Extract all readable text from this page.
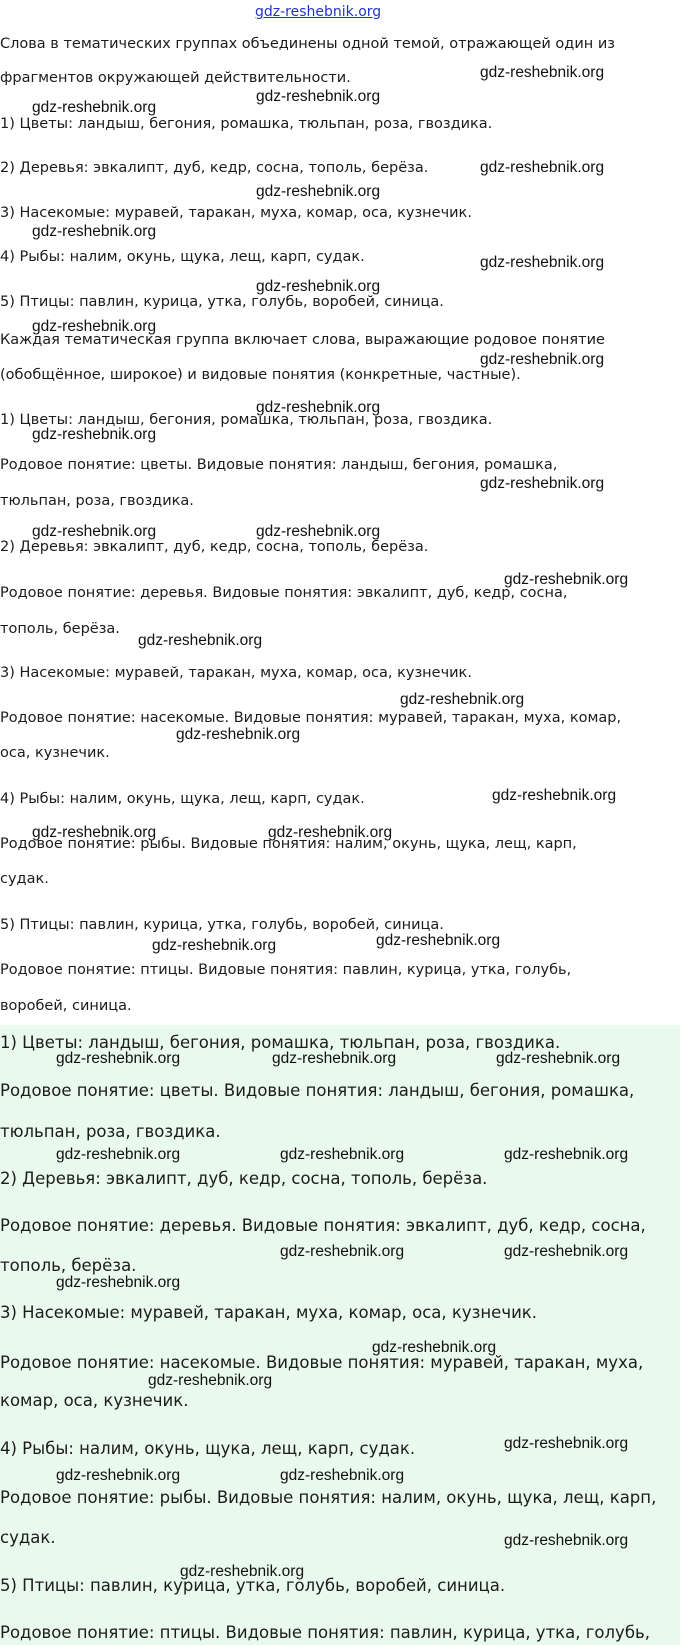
gdz-reshebnik.org

Слова в тематических группах объединены одной темой, отражающей один из

фрагментов окружающей действительности.

1) Цветы: ландыш, бегония, ромашка, тюльпан, роза, гвоздика.

2) Деревья: эвкалипт, дуб, кедр, сосна, тополь, берёза.

3) Насекомые: муравей, таракан, муха, комар, оса, кузнечик.

4) Рыбы: налим, окунь, щука, лещ, карп, судак.

5) Птицы: павлин, курица, утка, голубь, воробей, синица.

Каждая тематическая группа включает слова, выражающие родовое понятие

(обобщённое, широкое) и видовые понятия (конкретные, частные).

1) Цветы: ландыш, бегония, ромашка, тюльпан, роза, гвоздика.

Родовое понятие: цветы. Видовые понятия: ландыш, бегония, ромашка,

тюльпан, роза, гвоздика.

2) Деревья: эвкалипт, дуб, кедр, сосна, тополь, берёза.

Родовое понятие: деревья. Видовые понятия: эвкалипт, дуб, кедр, сосна,

тополь, берёза.

3) Насекомые: муравей, таракан, муха, комар, оса, кузнечик.

Родовое понятие: насекомые. Видовые понятия: муравей, таракан, муха, комар,

оса, кузнечик.

4) Рыбы: налим, окунь, щука, лещ, карп, судак.

Родовое понятие: рыбы. Видовые понятия: налим, окунь, щука, лещ, карп,

судак.

5) Птицы: павлин, курица, утка, голубь, воробей, синица.

Родовое понятие: птицы. Видовые понятия: павлин, курица, утка, голубь,

воробей, синица.

1) Цветы: ландыш, бегония, ромашка, тюльпан, роза, гвоздика.

Родовое понятие: цветы. Видовые понятия: ландыш, бегония, ромашка,

тюльпан, роза, гвоздика.

2) Деревья: эвкалипт, дуб, кедр, сосна, тополь, берёза.

Родовое понятие: деревья. Видовые понятия: эвкалипт, дуб, кедр, сосна,

тополь, берёза.

3) Насекомые: муравей, таракан, муха, комар, оса, кузнечик.

Родовое понятие: насекомые. Видовые понятия: муравей, таракан, муха,

комар, оса, кузнечик.

4) Рыбы: налим, окунь, щука, лещ, карп, судак.

Родовое понятие: рыбы. Видовые понятия: налим, окунь, щука, лещ, карп,

судак.

5) Птицы: павлин, курица, утка, голубь, воробей, синица.

Родовое понятие: птицы. Видовые понятия: павлин, курица, утка, голубь,

gdz-reshebnik.org
gdz-reshebnik.org
gdz-reshebnik.org
gdz-reshebnik.org
gdz-reshebnik.org
gdz-reshebnik.org
gdz-reshebnik.org
gdz-reshebnik.org
gdz-reshebnik.org
gdz-reshebnik.org
gdz-reshebnik.org
gdz-reshebnik.org
gdz-reshebnik.org
gdz-reshebnik.org	gdz-reshebnik.org
gdz-reshebnik.org
gdz-reshebnik.org
gdz-reshebnik.org
gdz-reshebnik.org
gdz-reshebnik.org
gdz-reshebnik.org	gdz-reshebnik.org
gdz-reshebnik.org
gdz-reshebnik.org
gdz-reshebnik.org	gdz-reshebnik.org	gdz-reshebnik.org
gdz-reshebnik.org	gdz-reshebnik.org	gdz-reshebnik.org
gdz-reshebnik.org	gdz-reshebnik.org
gdz-reshebnik.org
gdz-reshebnik.org
gdz-reshebnik.org
gdz-reshebnik.org
gdz-reshebnik.org	gdz-reshebnik.org
gdz-reshebnik.org
gdz-reshebnik.org
